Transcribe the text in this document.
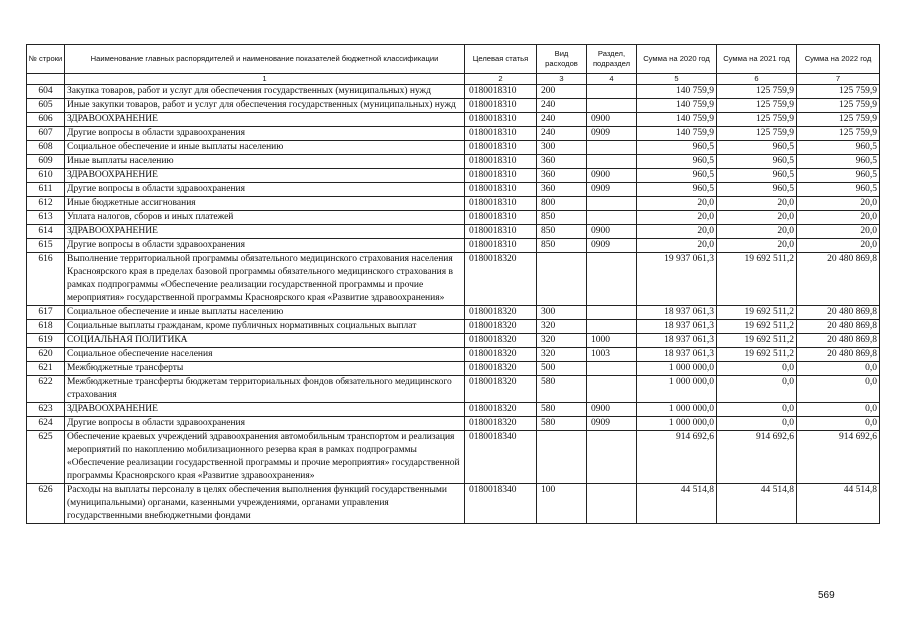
№ строки	Наименование главных распорядителей и наименование показателей бюджетной классификации	Целевая статья	Вид расходов	Раздел, подраздел	Сумма на 2020 год	Сумма на 2021 год	Сумма на 2022 год
	1	2	3	4	5	6	7
604	Закупка товаров, работ и услуг для обеспечения государственных (муниципальных) нужд	0180018310	200		140 759,9	125 759,9	125 759,9
605	Иные закупки товаров, работ и услуг для обеспечения государственных (муниципальных) нужд	0180018310	240		140 759,9	125 759,9	125 759,9
606	ЗДРАВООХРАНЕНИЕ	0180018310	240	0900	140 759,9	125 759,9	125 759,9
607	Другие вопросы в области здравоохранения	0180018310	240	0909	140 759,9	125 759,9	125 759,9
608	Социальное обеспечение и иные выплаты населению	0180018310	300		960,5	960,5	960,5
609	Иные выплаты населению	0180018310	360		960,5	960,5	960,5
610	ЗДРАВООХРАНЕНИЕ	0180018310	360	0900	960,5	960,5	960,5
611	Другие вопросы в области здравоохранения	0180018310	360	0909	960,5	960,5	960,5
612	Иные бюджетные ассигнования	0180018310	800		20,0	20,0	20,0
613	Уплата налогов, сборов и иных платежей	0180018310	850		20,0	20,0	20,0
614	ЗДРАВООХРАНЕНИЕ	0180018310	850	0900	20,0	20,0	20,0
615	Другие вопросы в области здравоохранения	0180018310	850	0909	20,0	20,0	20,0
616	Выполнение территориальной программы обязательного медицинского страхования населения Красноярского края в пределах базовой программы обязательного медицинского страхования в рамках подпрограммы «Обеспечение реализации государственной программы и прочие мероприятия» государственной программы Красноярского края «Развитие здравоохранения»	0180018320			19 937 061,3	19 692 511,2	20 480 869,8
617	Социальное обеспечение и иные выплаты населению	0180018320	300		18 937 061,3	19 692 511,2	20 480 869,8
618	Социальные выплаты гражданам, кроме публичных нормативных социальных выплат	0180018320	320		18 937 061,3	19 692 511,2	20 480 869,8
619	СОЦИАЛЬНАЯ ПОЛИТИКА	0180018320	320	1000	18 937 061,3	19 692 511,2	20 480 869,8
620	Социальное обеспечение населения	0180018320	320	1003	18 937 061,3	19 692 511,2	20 480 869,8
621	Межбюджетные трансферты	0180018320	500		1 000 000,0	0,0	0,0
622	Межбюджетные трансферты бюджетам территориальных фондов обязательного медицинского страхования	0180018320	580		1 000 000,0	0,0	0,0
623	ЗДРАВООХРАНЕНИЕ	0180018320	580	0900	1 000 000,0	0,0	0,0
624	Другие вопросы в области здравоохранения	0180018320	580	0909	1 000 000,0	0,0	0,0
625	Обеспечение краевых учреждений здравоохранения автомобильным транспортом и реализация мероприятий по накоплению мобилизационного резерва края в рамках подпрограммы «Обеспечение реализации государственной программы и прочие мероприятия» государственной программы Красноярского края «Развитие здравоохранения»	0180018340			914 692,6	914 692,6	914 692,6
626	Расходы на выплаты персоналу в целях обеспечения выполнения функций государственными (муниципальными) органами, казенными учреждениями, органами управления государственными внебюджетными фондами	0180018340	100		44 514,8	44 514,8	44 514,8
569
